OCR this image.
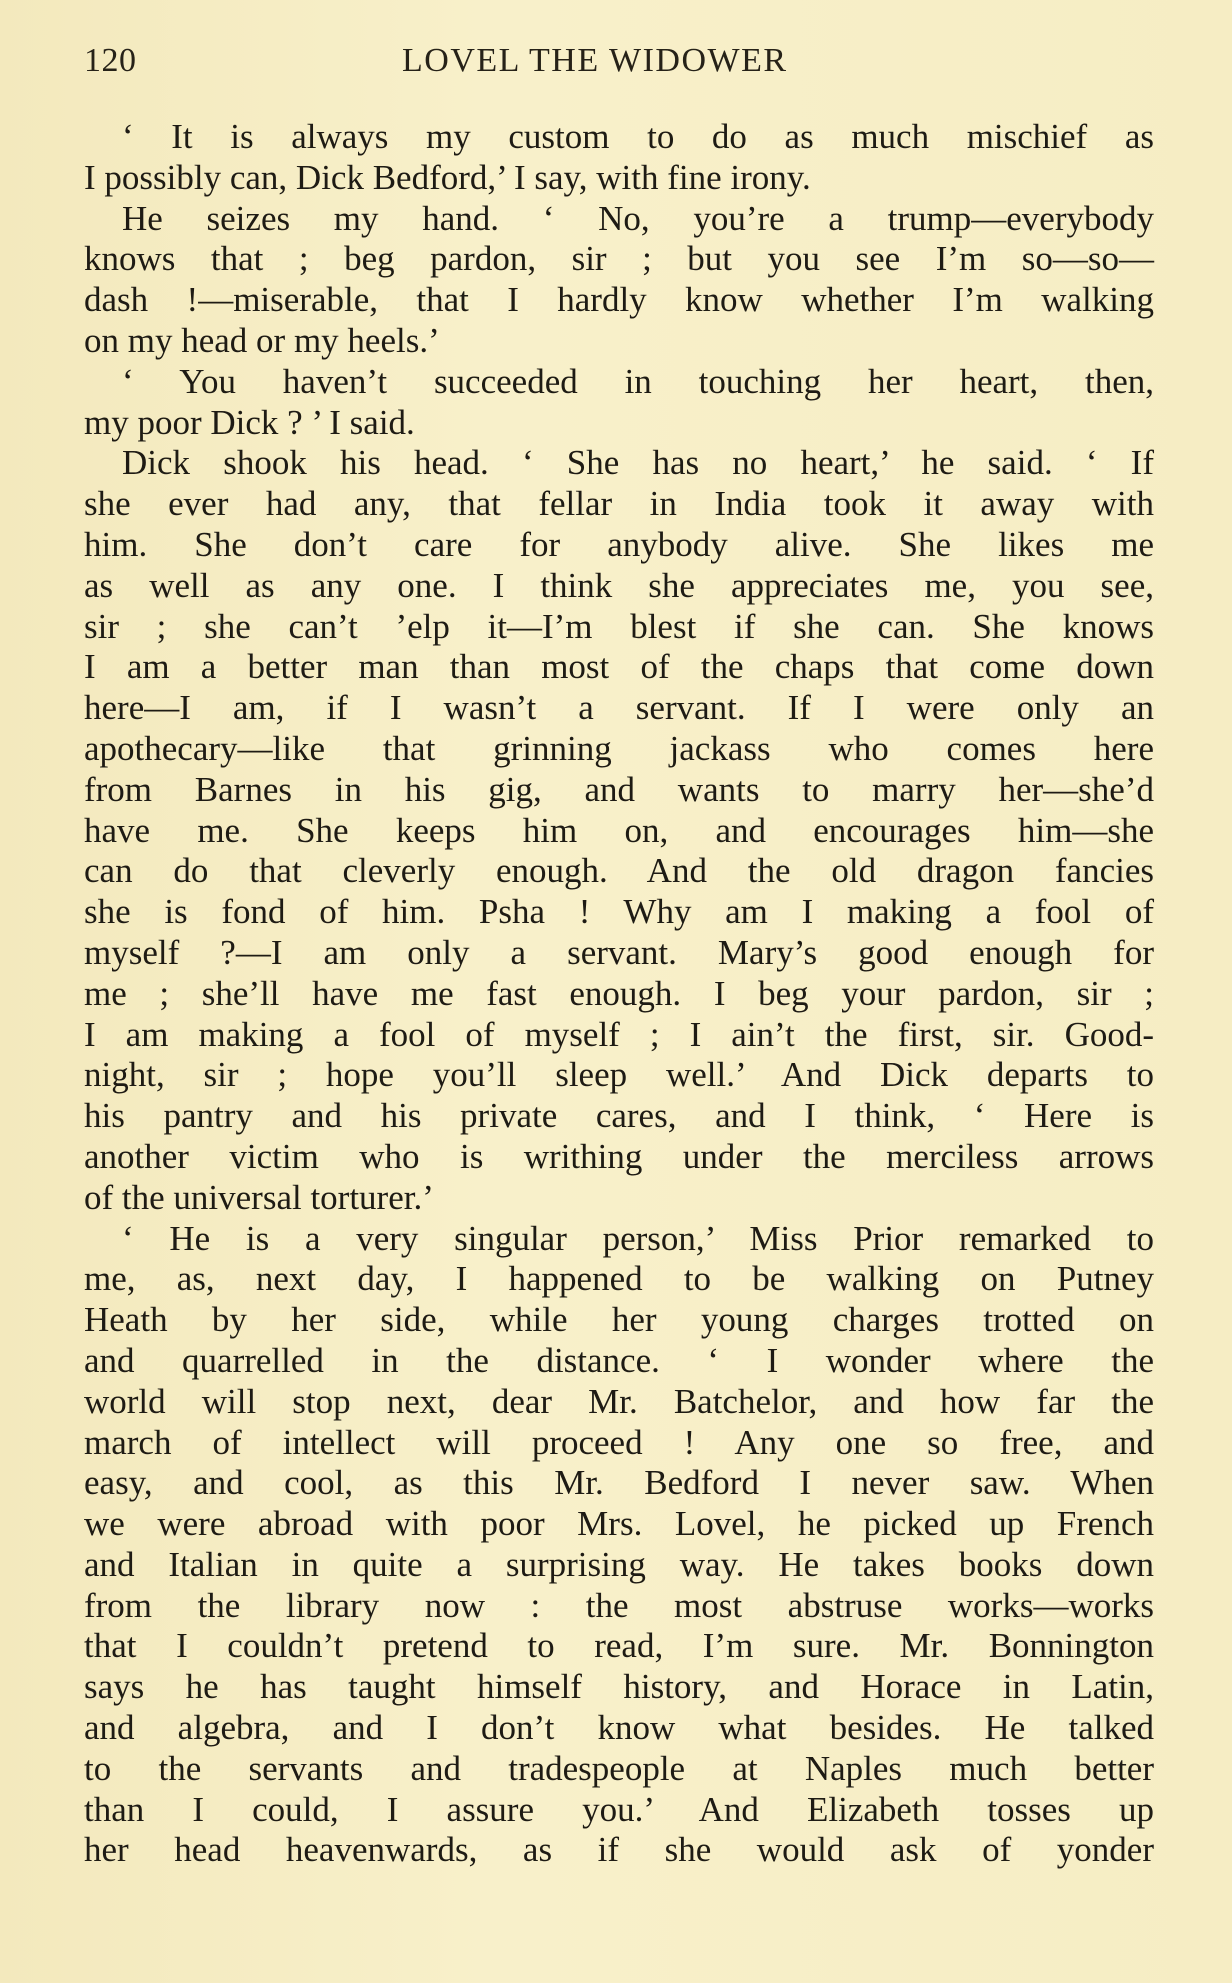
120	LOVEL THE WIDOWER
‘ It is always my custom to do as much mischief as
I possibly can, Dick Bedford,’ I say, with fine irony.
He seizes my hand. ‘ No, you’re a trump—everybody
knows that ; beg pardon, sir ; but you see I’m so—so—
dash !—miserable, that I hardly know whether I’m walking
on my head or my heels.’
‘ You haven’t succeeded in touching her heart, then,
my poor Dick ? ’ I said.
Dick shook his head. ‘ She has no heart,’ he said. ‘ If
she ever had any, that fellar in India took it away with
him. She don’t care for anybody alive. She likes me
as well as any one. I think she appreciates me, you see,
sir ; she can’t ’elp it—I’m blest if she can. She knows
I am a better man than most of the chaps that come down
here—I am, if I wasn’t a servant. If I were only an
apothecary—like that grinning jackass who comes here
from Barnes in his gig, and wants to marry her—she’d
have me. She keeps him on, and encourages him—she
can do that cleverly enough. And the old dragon fancies
she is fond of him. Psha ! Why am I making a fool of
myself ?—I am only a servant. Mary’s good enough for
me ; she’ll have me fast enough. I beg your pardon, sir ;
I am making a fool of myself ; I ain’t the first, sir. Good-
night, sir ; hope you’ll sleep well.’ And Dick departs to
his pantry and his private cares, and I think, ‘ Here is
another victim who is writhing under the merciless arrows
of the universal torturer.’
‘ He is a very singular person,’ Miss Prior remarked to
me, as, next day, I happened to be walking on Putney
Heath by her side, while her young charges trotted on
and quarrelled in the distance. ‘ I wonder where the
world will stop next, dear Mr. Batchelor, and how far the
march of intellect will proceed ! Any one so free, and
easy, and cool, as this Mr. Bedford I never saw. When
we were abroad with poor Mrs. Lovel, he picked up French
and Italian in quite a surprising way. He takes books down
from the library now : the most abstruse works—works
that I couldn’t pretend to read, I’m sure. Mr. Bonnington
says he has taught himself history, and Horace in Latin,
and algebra, and I don’t know what besides. He talked
to the servants and tradespeople at Naples much better
than I could, I assure you.’ And Elizabeth tosses up
her head heavenwards, as if she would ask of yonder
